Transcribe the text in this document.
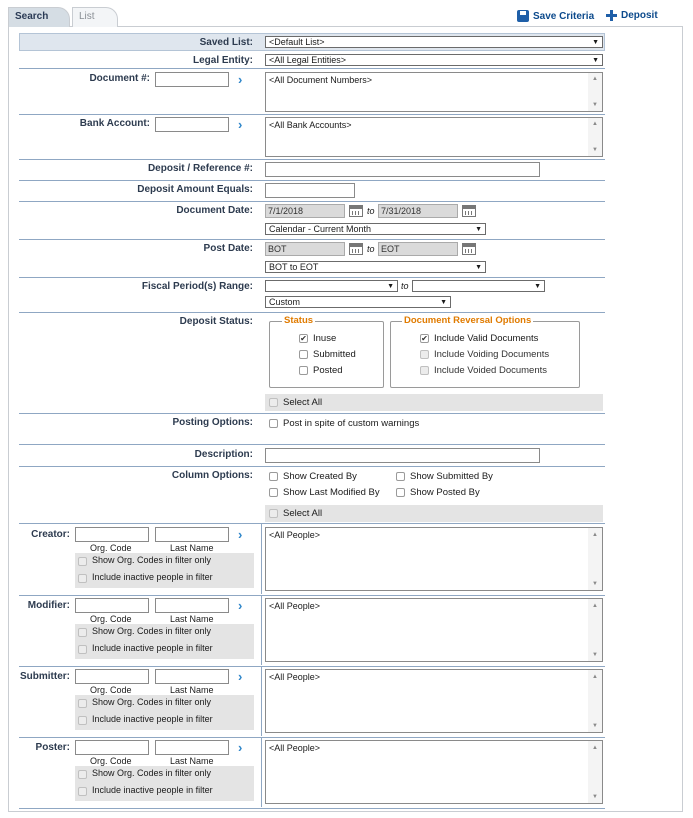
Search	List	Save Criteria	Deposit
Saved List:	<Default List>	▼
Legal Entity:	<All Legal Entities>	▼
Document #:	›	<All Document Numbers>	▲
▼
Bank Account:	›	<All Bank Accounts>	▲
▼
Deposit / Reference #:
Deposit Amount Equals:
Document Date:	7/1/2018	to 7/31/2018
Calendar - Current Month	▼
Post Date:	BOT	to EOT
BOT to EOT	▼
Fiscal Period(s) Range:	▼ to	▼
Custom	▼
Deposit Status:	Status
✔ Inuse
Submitted
Posted
Document Reversal Options
✔ Include Valid Documents
Include Voiding Documents
Include Voided Documents
Select All
Posting Options:	Post in spite of custom warnings
Description:
Column Options:	Show Created By	Show Submitted By
Show Last Modified By	Show Posted By
Select All
Creator:	›
Org. Code	Last Name
Show Org. Codes in filter only
Include inactive people in filter
<All People>	▲
▼
Modifier:	›
Org. Code	Last Name
Show Org. Codes in filter only
Include inactive people in filter
<All People>	▲
▼
Submitter:	›
Org. Code	Last Name
Show Org. Codes in filter only
Include inactive people in filter
<All People>	▲
▼
Poster:	›
Org. Code	Last Name
Show Org. Codes in filter only
Include inactive people in filter
<All People>	▲
▼
